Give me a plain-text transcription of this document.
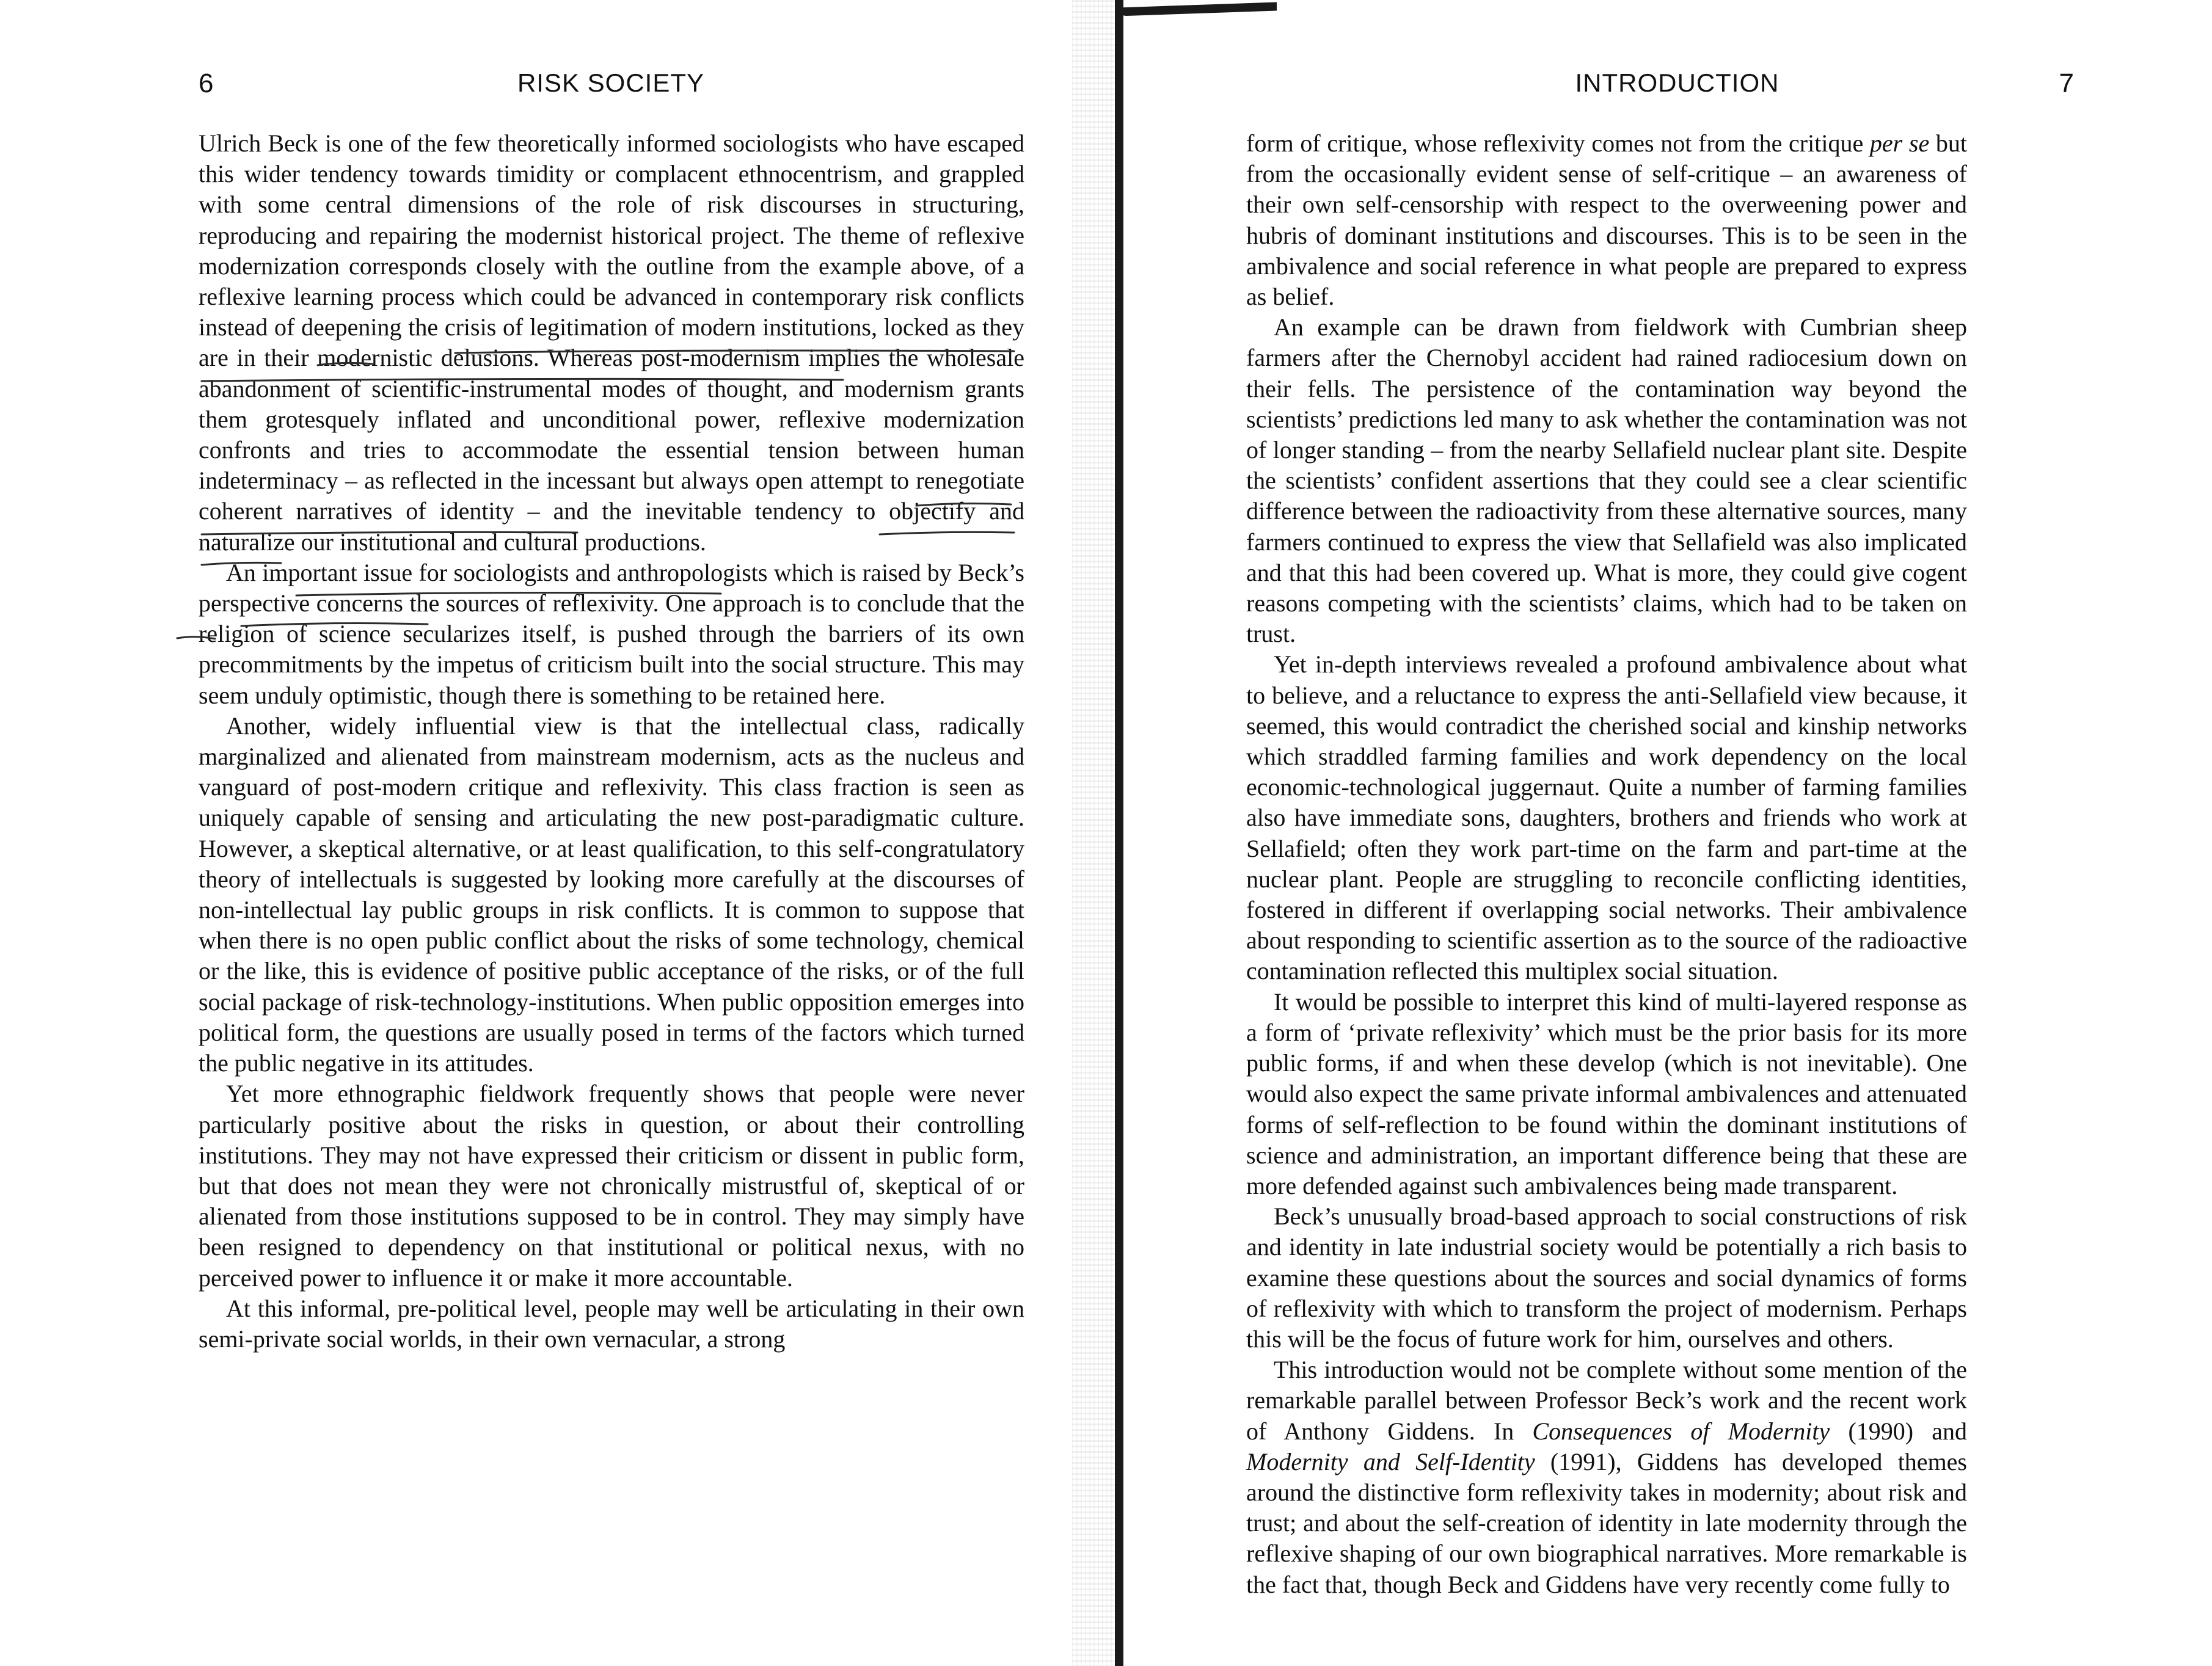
6	RISK SOCIETY

Ulrich Beck is one of the few theoretically informed sociologists who have escaped this wider tendency towards timidity or complacent ethnocentrism, and grappled with some central dimensions of the role of risk discourses in structuring, reproducing and repairing the modernist historical project. The theme of reflexive modernization corresponds closely with the outline from the example above, of a reflexive learning process which could be advanced in contemporary risk conflicts instead of deepening the crisis of legitimation of modern institutions, locked as they are in their modernistic delusions. Whereas post-modernism implies the wholesale abandonment of scientific-instrumental modes of thought, and modernism grants them grotesquely inflated and unconditional power, reflexive modernization confronts and tries to accommodate the essential tension between human indeterminacy – as reflected in the incessant but always open attempt to renegotiate coherent narratives of identity – and the inevitable tendency to objectify and naturalize our institutional and cultural productions.

An important issue for sociologists and anthropologists which is raised by Beck’s perspective concerns the sources of reflexivity. One approach is to conclude that the religion of science secularizes itself, is pushed through the barriers of its own precommitments by the impetus of criticism built into the social structure. This may seem unduly optimistic, though there is something to be retained here.

Another, widely influential view is that the intellectual class, radically marginalized and alienated from mainstream modernism, acts as the nucleus and vanguard of post-modern critique and reflexivity. This class fraction is seen as uniquely capable of sensing and articulating the new post-paradigmatic culture. However, a skeptical alternative, or at least qualification, to this self-congratulatory theory of intellectuals is suggested by looking more carefully at the discourses of non-intellectual lay public groups in risk conflicts. It is common to suppose that when there is no open public conflict about the risks of some technology, chemical or the like, this is evidence of positive public acceptance of the risks, or of the full social package of risk-technology-institutions. When public opposition emerges into political form, the questions are usually posed in terms of the factors which turned the public negative in its attitudes.

Yet more ethnographic fieldwork frequently shows that people were never particularly positive about the risks in question, or about their controlling institutions. They may not have expressed their criticism or dissent in public form, but that does not mean they were not chronically mistrustful of, skeptical of or alienated from those institutions supposed to be in control. They may simply have been resigned to dependency on that institutional or political nexus, with no perceived power to influence it or make it more accountable.

At this informal, pre-political level, people may well be articulating in their own semi-private social worlds, in their own vernacular, a strong

INTRODUCTION	7

form of critique, whose reflexivity comes not from the critique per se but from the occasionally evident sense of self-critique – an awareness of their own self-censorship with respect to the overweening power and hubris of dominant institutions and discourses. This is to be seen in the ambivalence and social reference in what people are prepared to express as belief.

An example can be drawn from fieldwork with Cumbrian sheep farmers after the Chernobyl accident had rained radiocesium down on their fells. The persistence of the contamination way beyond the scientists’ predictions led many to ask whether the contamination was not of longer standing – from the nearby Sellafield nuclear plant site. Despite the scientists’ confident assertions that they could see a clear scientific difference between the radioactivity from these alternative sources, many farmers continued to express the view that Sellafield was also implicated and that this had been covered up. What is more, they could give cogent reasons competing with the scientists’ claims, which had to be taken on trust.

Yet in-depth interviews revealed a profound ambivalence about what to believe, and a reluctance to express the anti-Sellafield view because, it seemed, this would contradict the cherished social and kinship networks which straddled farming families and work dependency on the local economic-technological juggernaut. Quite a number of farming families also have immediate sons, daughters, brothers and friends who work at Sellafield; often they work part-time on the farm and part-time at the nuclear plant. People are struggling to reconcile conflicting identities, fostered in different if overlapping social networks. Their ambivalence about responding to scientific assertion as to the source of the radioactive contamination reflected this multiplex social situation.

It would be possible to interpret this kind of multi-layered response as a form of ‘private reflexivity’ which must be the prior basis for its more public forms, if and when these develop (which is not inevitable). One would also expect the same private informal ambivalences and attenuated forms of self-reflection to be found within the dominant institutions of science and administration, an important difference being that these are more defended against such ambivalences being made transparent.

Beck’s unusually broad-based approach to social constructions of risk and identity in late industrial society would be potentially a rich basis to examine these questions about the sources and social dynamics of forms of reflexivity with which to transform the project of modernism. Perhaps this will be the focus of future work for him, ourselves and others.

This introduction would not be complete without some mention of the remarkable parallel between Professor Beck’s work and the recent work of Anthony Giddens. In Consequences of Modernity (1990) and Modernity and Self-Identity (1991), Giddens has developed themes around the distinctive form reflexivity takes in modernity; about risk and trust; and about the self-creation of identity in late modernity through the reflexive shaping of our own biographical narratives. More remarkable is the fact that, though Beck and Giddens have very recently come fully to
